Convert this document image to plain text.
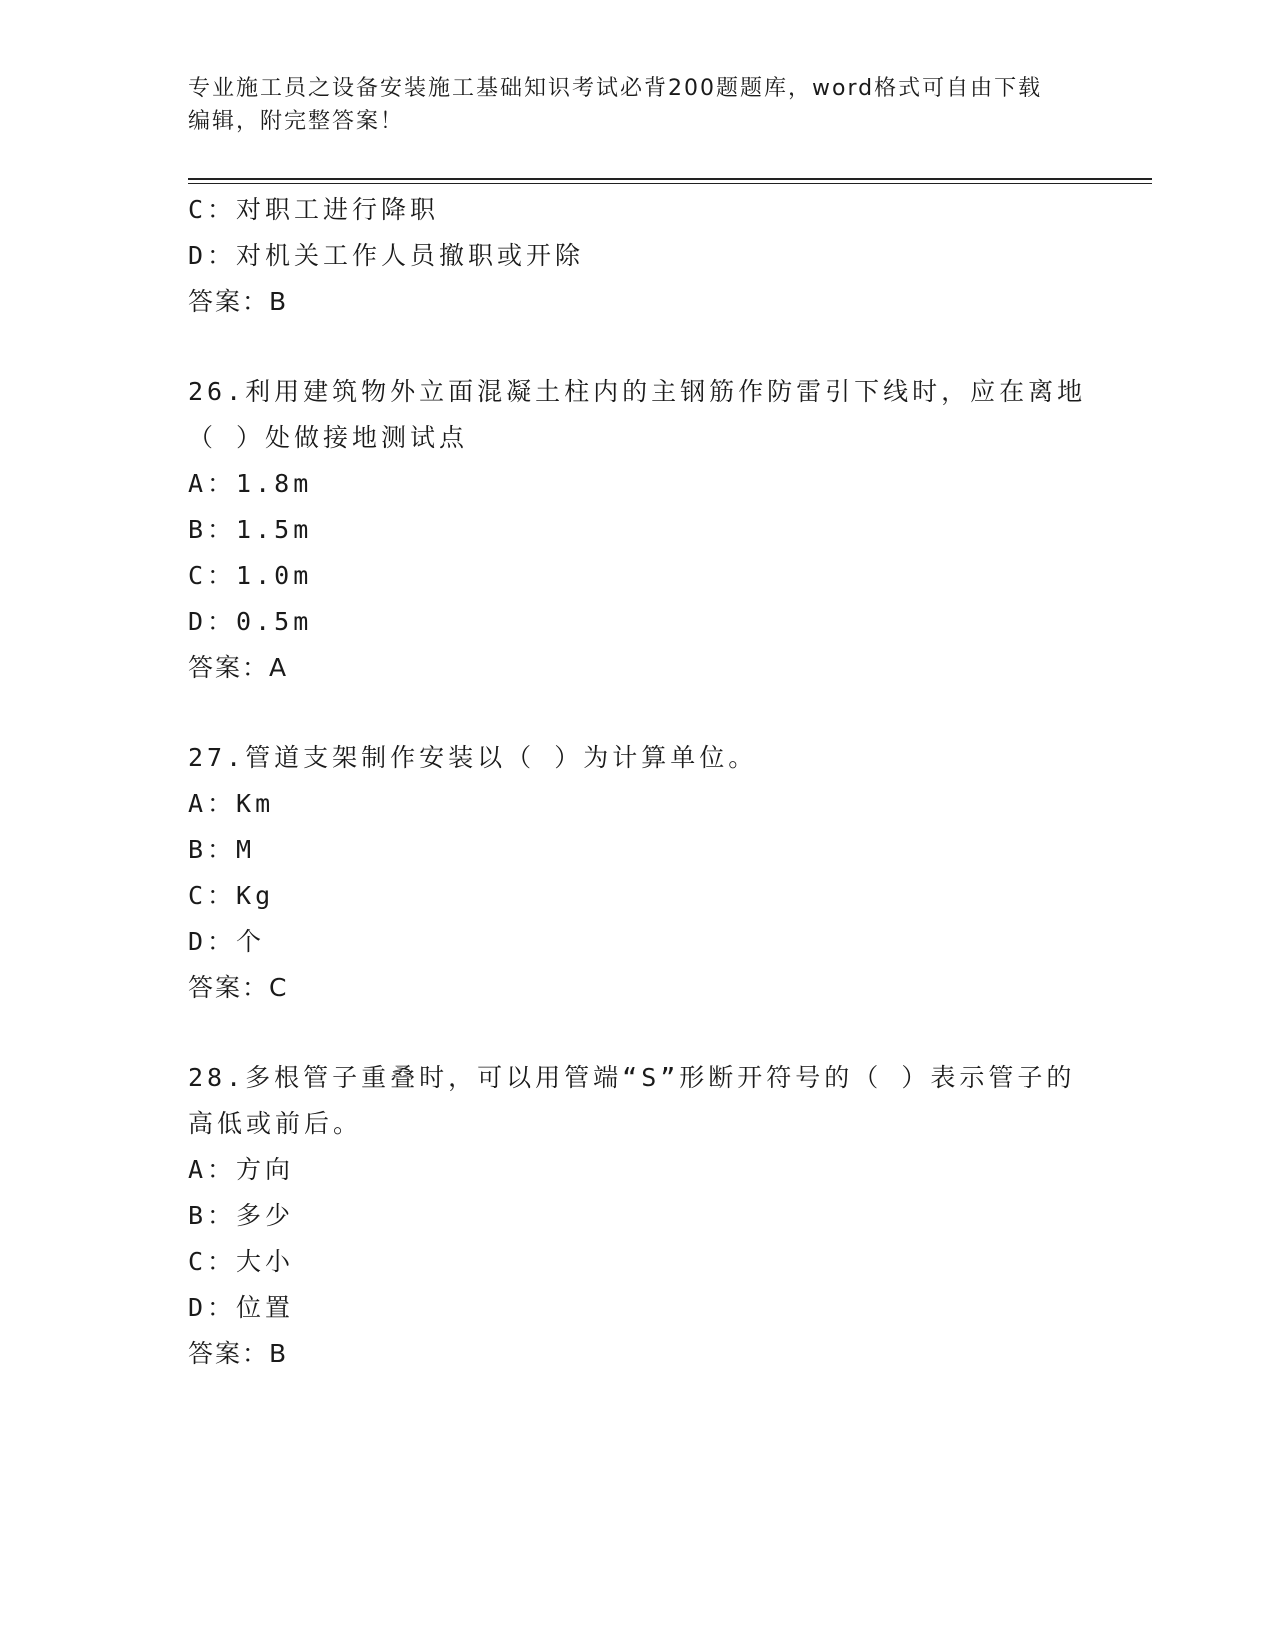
专业施工员之设备安装施工基础知识考试必背200题题库，word格式可自由下载
编辑，附完整答案！
C：对职工进行降职
D：对机关工作人员撤职或开除
答案：B
26.利用建筑物外立面混凝土柱内的主钢筋作防雷引下线时，应在离地
（ ）处做接地测试点
A：1.8m
B：1.5m
C：1.0m
D：0.5m
答案：A
27.管道支架制作安装以（ ）为计算单位。
A：Km
B：M
C：Kg
D：个
答案：C
28.多根管子重叠时，可以用管端“S”形断开符号的（ ）表示管子的
高低或前后。
A：方向
B：多少
C：大小
D：位置
答案：B
